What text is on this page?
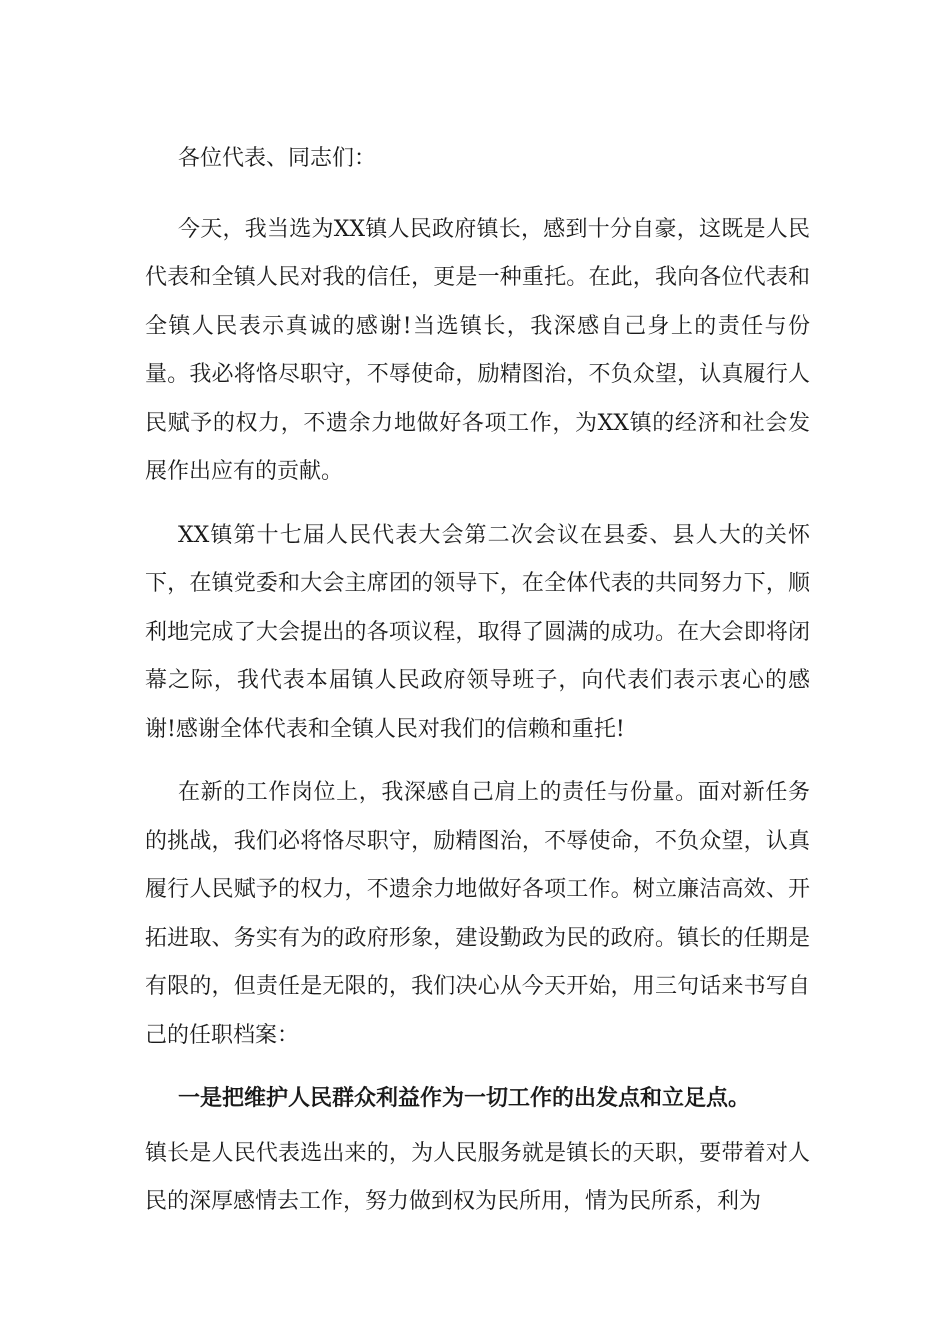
各位代表、同志们：

今天，我当选为XX镇人民政府镇长，感到十分自豪，这既是人民代表和全镇人民对我的信任，更是一种重托。在此，我向各位代表和全镇人民表示真诚的感谢!当选镇长，我深感自己身上的责任与份量。我必将恪尽职守，不辱使命，励精图治，不负众望，认真履行人民赋予的权力，不遗余力地做好各项工作，为XX镇的经济和社会发展作出应有的贡献。

XX镇第十七届人民代表大会第二次会议在县委、县人大的关怀下，在镇党委和大会主席团的领导下，在全体代表的共同努力下，顺利地完成了大会提出的各项议程，取得了圆满的成功。在大会即将闭幕之际，我代表本届镇人民政府领导班子，向代表们表示衷心的感谢!感谢全体代表和全镇人民对我们的信赖和重托!

在新的工作岗位上，我深感自己肩上的责任与份量。面对新任务的挑战，我们必将恪尽职守，励精图治，不辱使命，不负众望，认真履行人民赋予的权力，不遗余力地做好各项工作。树立廉洁高效、开拓进取、务实有为的政府形象，建设勤政为民的政府。镇长的任期是有限的，但责任是无限的，我们决心从今天开始，用三句话来书写自己的任职档案：

一是把维护人民群众利益作为一切工作的出发点和立足点。

镇长是人民代表选出来的，为人民服务就是镇长的天职，要带着对人民的深厚感情去工作，努力做到权为民所用，情为民所系，利为
